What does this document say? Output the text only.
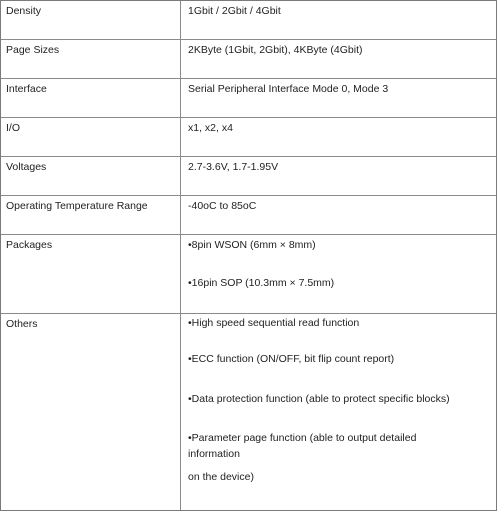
Density	1Gbit / 2Gbit / 4Gbit
Page Sizes	2KByte (1Gbit, 2Gbit), 4KByte (4Gbit)
Interface	Serial Peripheral Interface Mode 0, Mode 3
I/O	x1, x2, x4
Voltages	2.7-3.6V, 1.7-1.95V
Operating Temperature Range	-40oC to 85oC
Packages	•8pin WSON (6mm × 8mm)
•16pin SOP (10.3mm × 7.5mm)
Others	•High speed sequential read function
•ECC function (ON/OFF, bit flip count report)
•Data protection function (able to protect specific blocks)
•Parameter page function (able to output detailed
information
on the device)
